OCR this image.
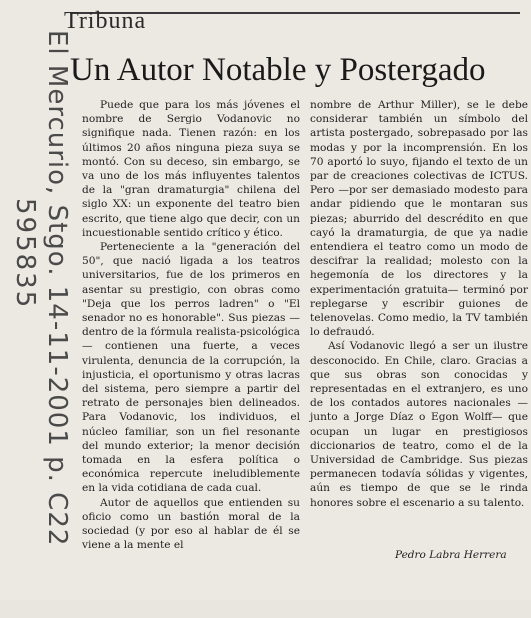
Tribuna
Un Autor Notable y Postergado

Puede que para los más jóvenes el nombre de Sergio Vodanovic no signifique nada. Tienen razón: en los últimos 20 años ninguna pieza suya se montó. Con su deceso, sin embargo, se va uno de los más influyentes talentos de la "gran dramaturgia" chilena del siglo XX: un exponente del teatro bien escrito, que tiene algo que decir, con un incuestionable sentido crítico y ético.

Perteneciente a la "generación del 50", que nació ligada a los teatros universitarios, fue de los primeros en asentar su prestigio, con obras como "Deja que los perros ladren" o "El senador no es honorable". Sus piezas —dentro de la fórmula realista-psicológica— contienen una fuerte, a veces virulenta, denuncia de la corrupción, la injusticia, el oportunismo y otras lacras del sistema, pero siempre a partir del retrato de personajes bien delineados. Para Vodanovic, los individuos, el núcleo familiar, son un fiel resonante del mundo exterior; la menor decisión tomada en la esfera política o económica repercute ineludiblemente en la vida cotidiana de cada cual.

Autor de aquellos que entienden su oficio como un bastión moral de la sociedad (y por eso al hablar de él se viene a la mente el

nombre de Arthur Miller), se le debe considerar también un símbolo del artista postergado, sobrepasado por las modas y por la incomprensión. En los 70 aportó lo suyo, fijando el texto de un par de creaciones colectivas de ICTUS. Pero —por ser demasiado modesto para andar pidiendo que le montaran sus piezas; aburrido del descrédito en que cayó la dramaturgia, de que ya nadie entendiera el teatro como un modo de descifrar la realidad; molesto con la hegemonía de los directores y la experimentación gratuita— terminó por replegarse y escribir guiones de telenovelas. Como medio, la TV también lo defraudó.

Así Vodanovic llegó a ser un ilustre desconocido. En Chile, claro. Gracias a que sus obras son conocidas y representadas en el extranjero, es uno de los contados autores nacionales —junto a Jorge Díaz o Egon Wolff— que ocupan un lugar en prestigiosos diccionarios de teatro, como el de la Universidad de Cambridge. Sus piezas permanecen todavía sólidas y vigentes, aún es tiempo de que se le rinda honores sobre el escenario a su talento.

Pedro Labra Herrera
El Mercurio, Stgo. 14-11-2001 p. C22
595835
